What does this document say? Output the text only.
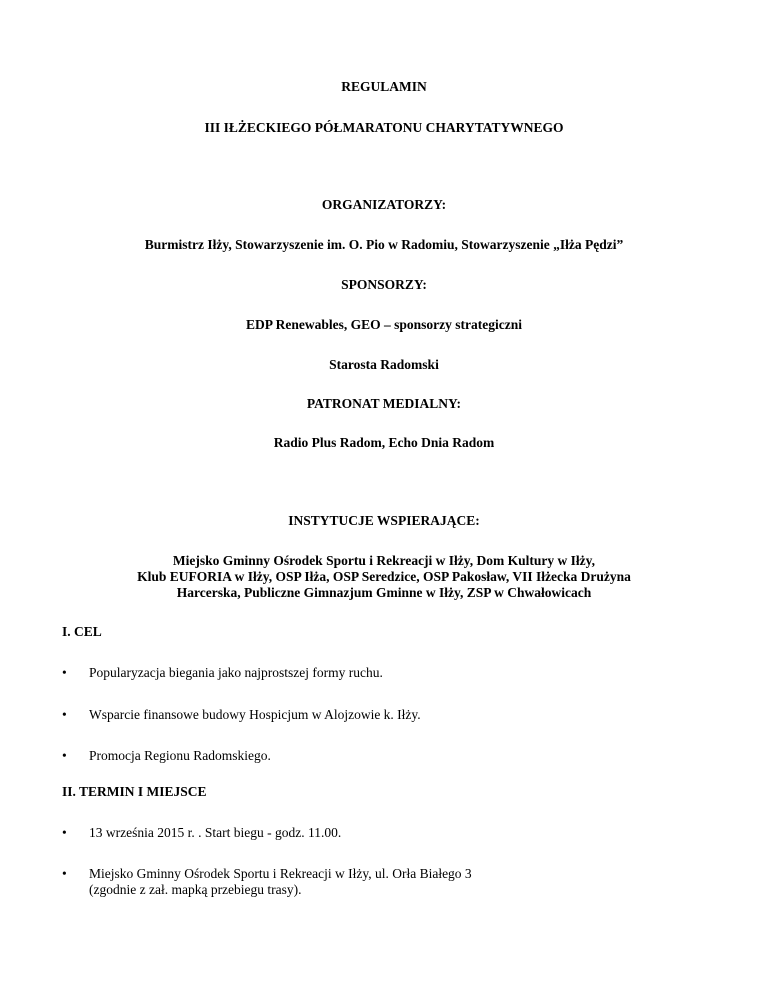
REGULAMIN
III IŁŻECKIEGO PÓŁMARATONU CHARYTATYWNEGO
ORGANIZATORZY:
Burmistrz Iłży, Stowarzyszenie im. O. Pio w Radomiu, Stowarzyszenie „Iłża Pędzi”
SPONSORZY:
EDP Renewables, GEO – sponsorzy strategiczni
Starosta Radomski
PATRONAT MEDIALNY:
Radio Plus Radom, Echo Dnia Radom
INSTYTUCJE WSPIERAJĄCE:
Miejsko Gminny Ośrodek Sportu i Rekreacji w Iłży, Dom Kultury w Iłży,
Klub EUFORIA w Iłży, OSP Iłża, OSP Seredzice, OSP Pakosław, VII Iłżecka Drużyna
Harcerska, Publiczne Gimnazjum Gminne w Iłży, ZSP w Chwałowicach
I. CEL
•	Popularyzacja biegania jako najprostszej formy ruchu.
•	Wsparcie finansowe budowy Hospicjum w Alojzowie k. Iłży.
•	Promocja Regionu Radomskiego.
II. TERMIN I MIEJSCE
•	13 września 2015 r. . Start biegu - godz. 11.00.
•	Miejsko Gminny Ośrodek Sportu i Rekreacji w Iłży, ul. Orła Białego 3
(zgodnie z zał. mapką przebiegu trasy).
